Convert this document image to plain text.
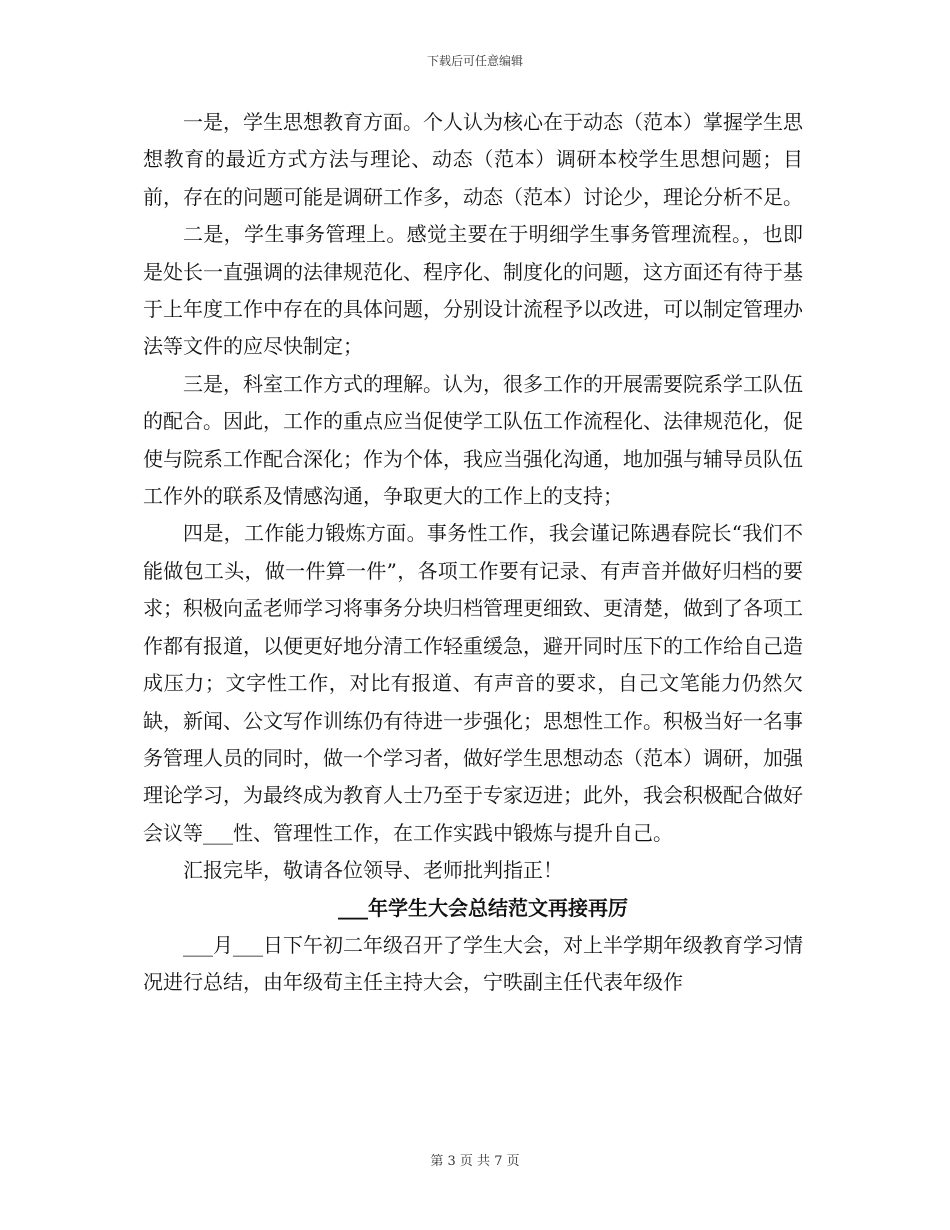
下载后可任意编辑

一是，学生思想教育方面。个人认为核心在于动态（范本）掌握学生思想教育的最近方式方法与理论、动态（范本）调研本校学生思想问题；目前，存在的问题可能是调研工作多，动态（范本）讨论少，理论分析不足。

二是，学生事务管理上。感觉主要在于明细学生事务管理流程。，也即是处长一直强调的法律规范化、程序化、制度化的问题，这方面还有待于基于上年度工作中存在的具体问题，分别设计流程予以改进，可以制定管理办法等文件的应尽快制定；

三是，科室工作方式的理解。认为，很多工作的开展需要院系学工队伍的配合。因此，工作的重点应当促使学工队伍工作流程化、法律规范化，促使与院系工作配合深化；作为个体，我应当强化沟通，地加强与辅导员队伍工作外的联系及情感沟通，争取更大的工作上的支持；

四是，工作能力锻炼方面。事务性工作，我会谨记陈遇春院长“我们不能做包工头，做一件算一件”，各项工作要有记录、有声音并做好归档的要求；积极向孟老师学习将事务分块归档管理更细致、更清楚，做到了各项工作都有报道，以便更好地分清工作轻重缓急，避开同时压下的工作给自己造成压力；文字性工作，对比有报道、有声音的要求，自己文笔能力仍然欠缺，新闻、公文写作训练仍有待进一步强化；思想性工作。积极当好一名事务管理人员的同时，做一个学习者，做好学生思想动态（范本）调研，加强理论学习，为最终成为教育人士乃至于专家迈进；此外，我会积极配合做好会议等___性、管理性工作，在工作实践中锻炼与提升自己。

汇报完毕，敬请各位领导、老师批判指正！

___年学生大会总结范文再接再厉

___月___日下午初二年级召开了学生大会，对上半学期年级教育学习情况进行总结，由年级荀主任主持大会，宁昳副主任代表年级作

第 3 页 共 7 页
